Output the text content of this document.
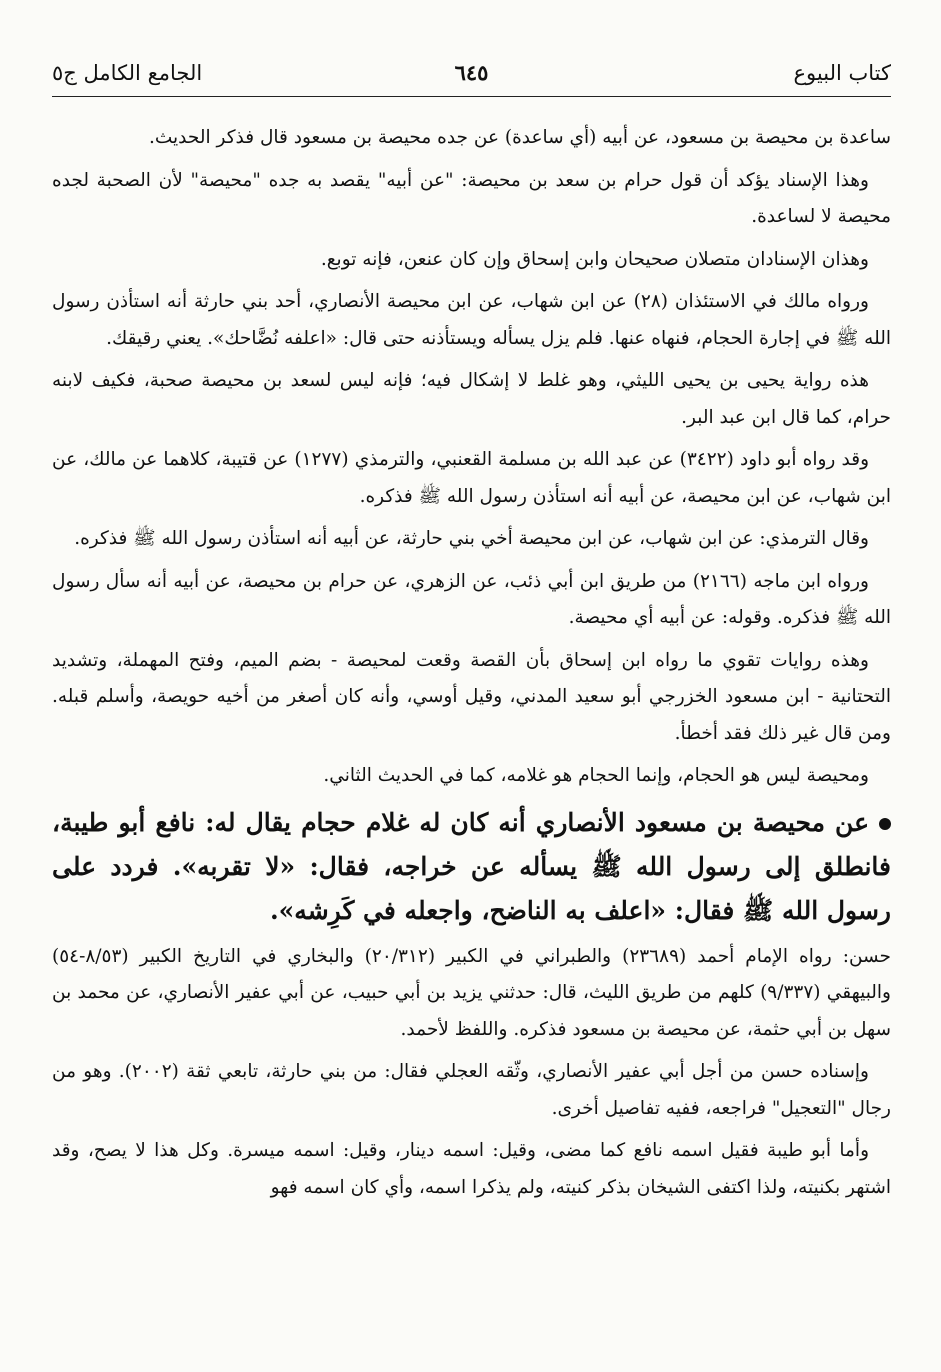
كتاب البيوع
٦٤٥
الجامع الكامل ج٥

ساعدة بن محيصة بن مسعود، عن أبيه (أي ساعدة) عن جده محيصة بن مسعود قال فذكر الحديث.

وهذا الإسناد يؤكد أن قول حرام بن سعد بن محيصة: "عن أبيه" يقصد به جده "محيصة" لأن الصحبة لجده محيصة لا لساعدة.

وهذان الإسنادان متصلان صحيحان وابن إسحاق وإن كان عنعن، فإنه توبع.

ورواه مالك في الاستئذان (٢٨) عن ابن شهاب، عن ابن محيصة الأنصاري، أحد بني حارثة أنه استأذن رسول الله ﷺ في إجارة الحجام، فنهاه عنها. فلم يزل يسأله ويستأذنه حتى قال: «اعلفه نُضَّاحك». يعني رقيقك.

هذه رواية يحيى بن يحيى الليثي، وهو غلط لا إشكال فيه؛ فإنه ليس لسعد بن محيصة صحبة، فكيف لابنه حرام، كما قال ابن عبد البر.

وقد رواه أبو داود (٣٤٢٢) عن عبد الله بن مسلمة القعنبي، والترمذي (١٢٧٧) عن قتيبة، كلاهما عن مالك، عن ابن شهاب، عن ابن محيصة، عن أبيه أنه استأذن رسول الله ﷺ فذكره.

وقال الترمذي: عن ابن شهاب، عن ابن محيصة أخي بني حارثة، عن أبيه أنه استأذن رسول الله ﷺ فذكره.

ورواه ابن ماجه (٢١٦٦) من طريق ابن أبي ذئب، عن الزهري، عن حرام بن محيصة، عن أبيه أنه سأل رسول الله ﷺ فذكره. وقوله: عن أبيه أي محيصة.

وهذه روايات تقوي ما رواه ابن إسحاق بأن القصة وقعت لمحيصة - بضم الميم، وفتح المهملة، وتشديد التحتانية - ابن مسعود الخزرجي أبو سعيد المدني، وقيل أوسي، وأنه كان أصغر من أخيه حويصة، وأسلم قبله. ومن قال غير ذلك فقد أخطأ.

ومحيصة ليس هو الحجام، وإنما الحجام هو غلامه، كما في الحديث الثاني.

عن محيصة بن مسعود الأنصاري أنه كان له غلام حجام يقال له: نافع أبو طيبة، فانطلق إلى رسول الله ﷺ يسأله عن خراجه، فقال: «لا تقربه». فردد على رسول الله ﷺ فقال: «اعلف به الناضح، واجعله في كَرِشه».

حسن: رواه الإمام أحمد (٢٣٦٨٩) والطبراني في الكبير (٢٠/٣١٢) والبخاري في التاريخ الكبير (٨/٥٣-٥٤) والبيهقي (٩/٣٣٧) كلهم من طريق الليث، قال: حدثني يزيد بن أبي حبيب، عن أبي عفير الأنصاري، عن محمد بن سهل بن أبي حثمة، عن محيصة بن مسعود فذكره. واللفظ لأحمد.

وإسناده حسن من أجل أبي عفير الأنصاري، وثّقه العجلي فقال: من بني حارثة، تابعي ثقة (٢٠٠٢). وهو من رجال "التعجيل" فراجعه، ففيه تفاصيل أخرى.

وأما أبو طيبة فقيل اسمه نافع كما مضى، وقيل: اسمه دينار، وقيل: اسمه ميسرة. وكل هذا لا يصح، وقد اشتهر بكنيته، ولذا اكتفى الشيخان بذكر كنيته، ولم يذكرا اسمه، وأي كان اسمه فهو
